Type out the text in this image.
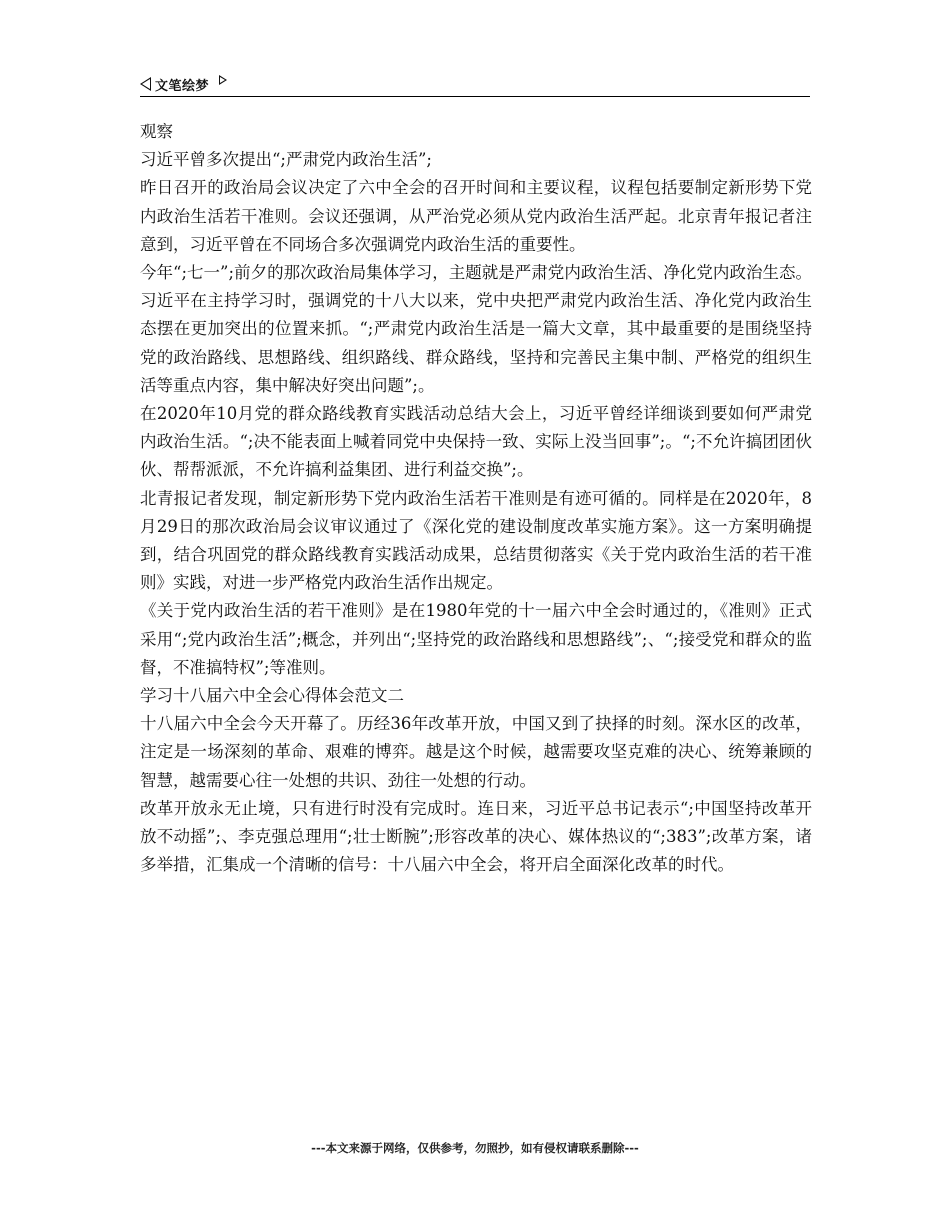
文笔绘梦

观察

习近平曾多次提出“;严肃党内政治生活”;

昨日召开的政治局会议决定了六中全会的召开时间和主要议程，议程包括要制定新形势下党内政治生活若干准则。会议还强调，从严治党必须从党内政治生活严起。北京青年报记者注意到，习近平曾在不同场合多次强调党内政治生活的重要性。

今年“;七一”;前夕的那次政治局集体学习，主题就是严肃党内政治生活、净化党内政治生态。习近平在主持学习时，强调党的十八大以来，党中央把严肃党内政治生活、净化党内政治生态摆在更加突出的位置来抓。“;严肃党内政治生活是一篇大文章，其中最重要的是围绕坚持党的政治路线、思想路线、组织路线、群众路线，坚持和完善民主集中制、严格党的组织生活等重点内容，集中解决好突出问题”;。

在2020年10月党的群众路线教育实践活动总结大会上，习近平曾经详细谈到要如何严肃党内政治生活。“;决不能表面上喊着同党中央保持一致、实际上没当回事”;。“;不允许搞团团伙伙、帮帮派派，不允许搞利益集团、进行利益交换”;。

北青报记者发现，制定新形势下党内政治生活若干准则是有迹可循的。同样是在2020年，8月29日的那次政治局会议审议通过了《深化党的建设制度改革实施方案》。这一方案明确提到，结合巩固党的群众路线教育实践活动成果，总结贯彻落实《关于党内政治生活的若干准则》实践，对进一步严格党内政治生活作出规定。

《关于党内政治生活的若干准则》是在1980年党的十一届六中全会时通过的，《准则》正式采用“;党内政治生活”;概念，并列出“;坚持党的政治路线和思想路线”;、“;接受党和群众的监督，不准搞特权”;等准则。

学习十八届六中全会心得体会范文二

十八届六中全会今天开幕了。历经36年改革开放，中国又到了抉择的时刻。深水区的改革，注定是一场深刻的革命、艰难的博弈。越是这个时候，越需要攻坚克难的决心、统筹兼顾的智慧，越需要心往一处想的共识、劲往一处想的行动。

改革开放永无止境，只有进行时没有完成时。连日来，习近平总书记表示“;中国坚持改革开放不动摇”;、李克强总理用“;壮士断腕”;形容改革的决心、媒体热议的“;383”;改革方案，诸多举措，汇集成一个清晰的信号：十八届六中全会，将开启全面深化改革的时代。

---本文来源于网络，仅供参考，勿照抄，如有侵权请联系删除---
